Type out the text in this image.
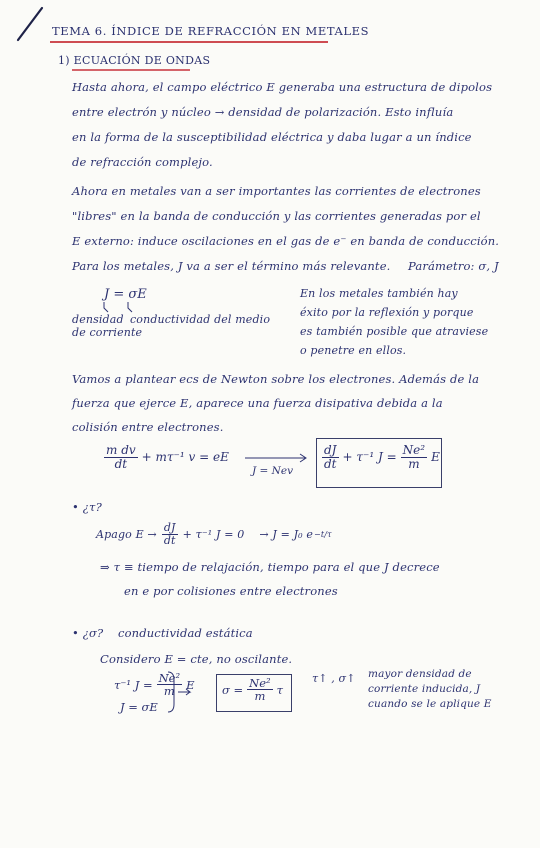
TEMA 6. ÍNDICE DE REFRACCIÓN EN METALES
1) ECUACIÓN DE ONDAS
Hasta ahora, el campo eléctrico E generaba una estructura de dipolos
entre electrón y núcleo → densidad de polarización. Esto influía
en la forma de la susceptibilidad eléctrica y daba lugar a un índice
de refracción complejo.
Ahora en metales van a ser importantes las corrientes de electrones
"libres" en la banda de conducción y las corrientes generadas por el
E externo: induce oscilaciones en el gas de e⁻ en banda de conducción.
Para los metales, J va a ser el término más relevante. Parámetro: σ, J
J = σE
densidad
de corriente
conductividad del medio
En los metales también hay
éxito por la reflexión y porque
es también posible que atraviese
o penetre en ellos.
Vamos a plantear ecs de Newton sobre los electrones. Además de la
fuerza que ejerce E, aparece una fuerza disipativa debida a la
colisión entre electrones.
$\frac{\text{m dv}}{dt} + m\tau^{-1}$ v = eE
J = Nev
$\frac{dJ}{dt} + \tau^{-1}$ $J = \frac{\text{Ne²}}{m}$ E
• ¿τ?
Apago $E \to \frac{dJ}{dt} + \tau^{-1}$ J = 0 → J = J₀ e −t/τ
⇒ τ ≡ tiempo de relajación, tiempo para el que J decrece
en e por colisiones entre electrones
• ¿σ? conductividad estática
Considero E = cte, no oscilante.
τ⁻¹ $J = \frac{\text{Ne²}}{m}$ E
J = σE
$\sigma = \frac{\text{Ne²}}{m}$ τ
τ↑ , σ↑ mayor densidad de
corriente inducida, J
cuando se le aplique E
